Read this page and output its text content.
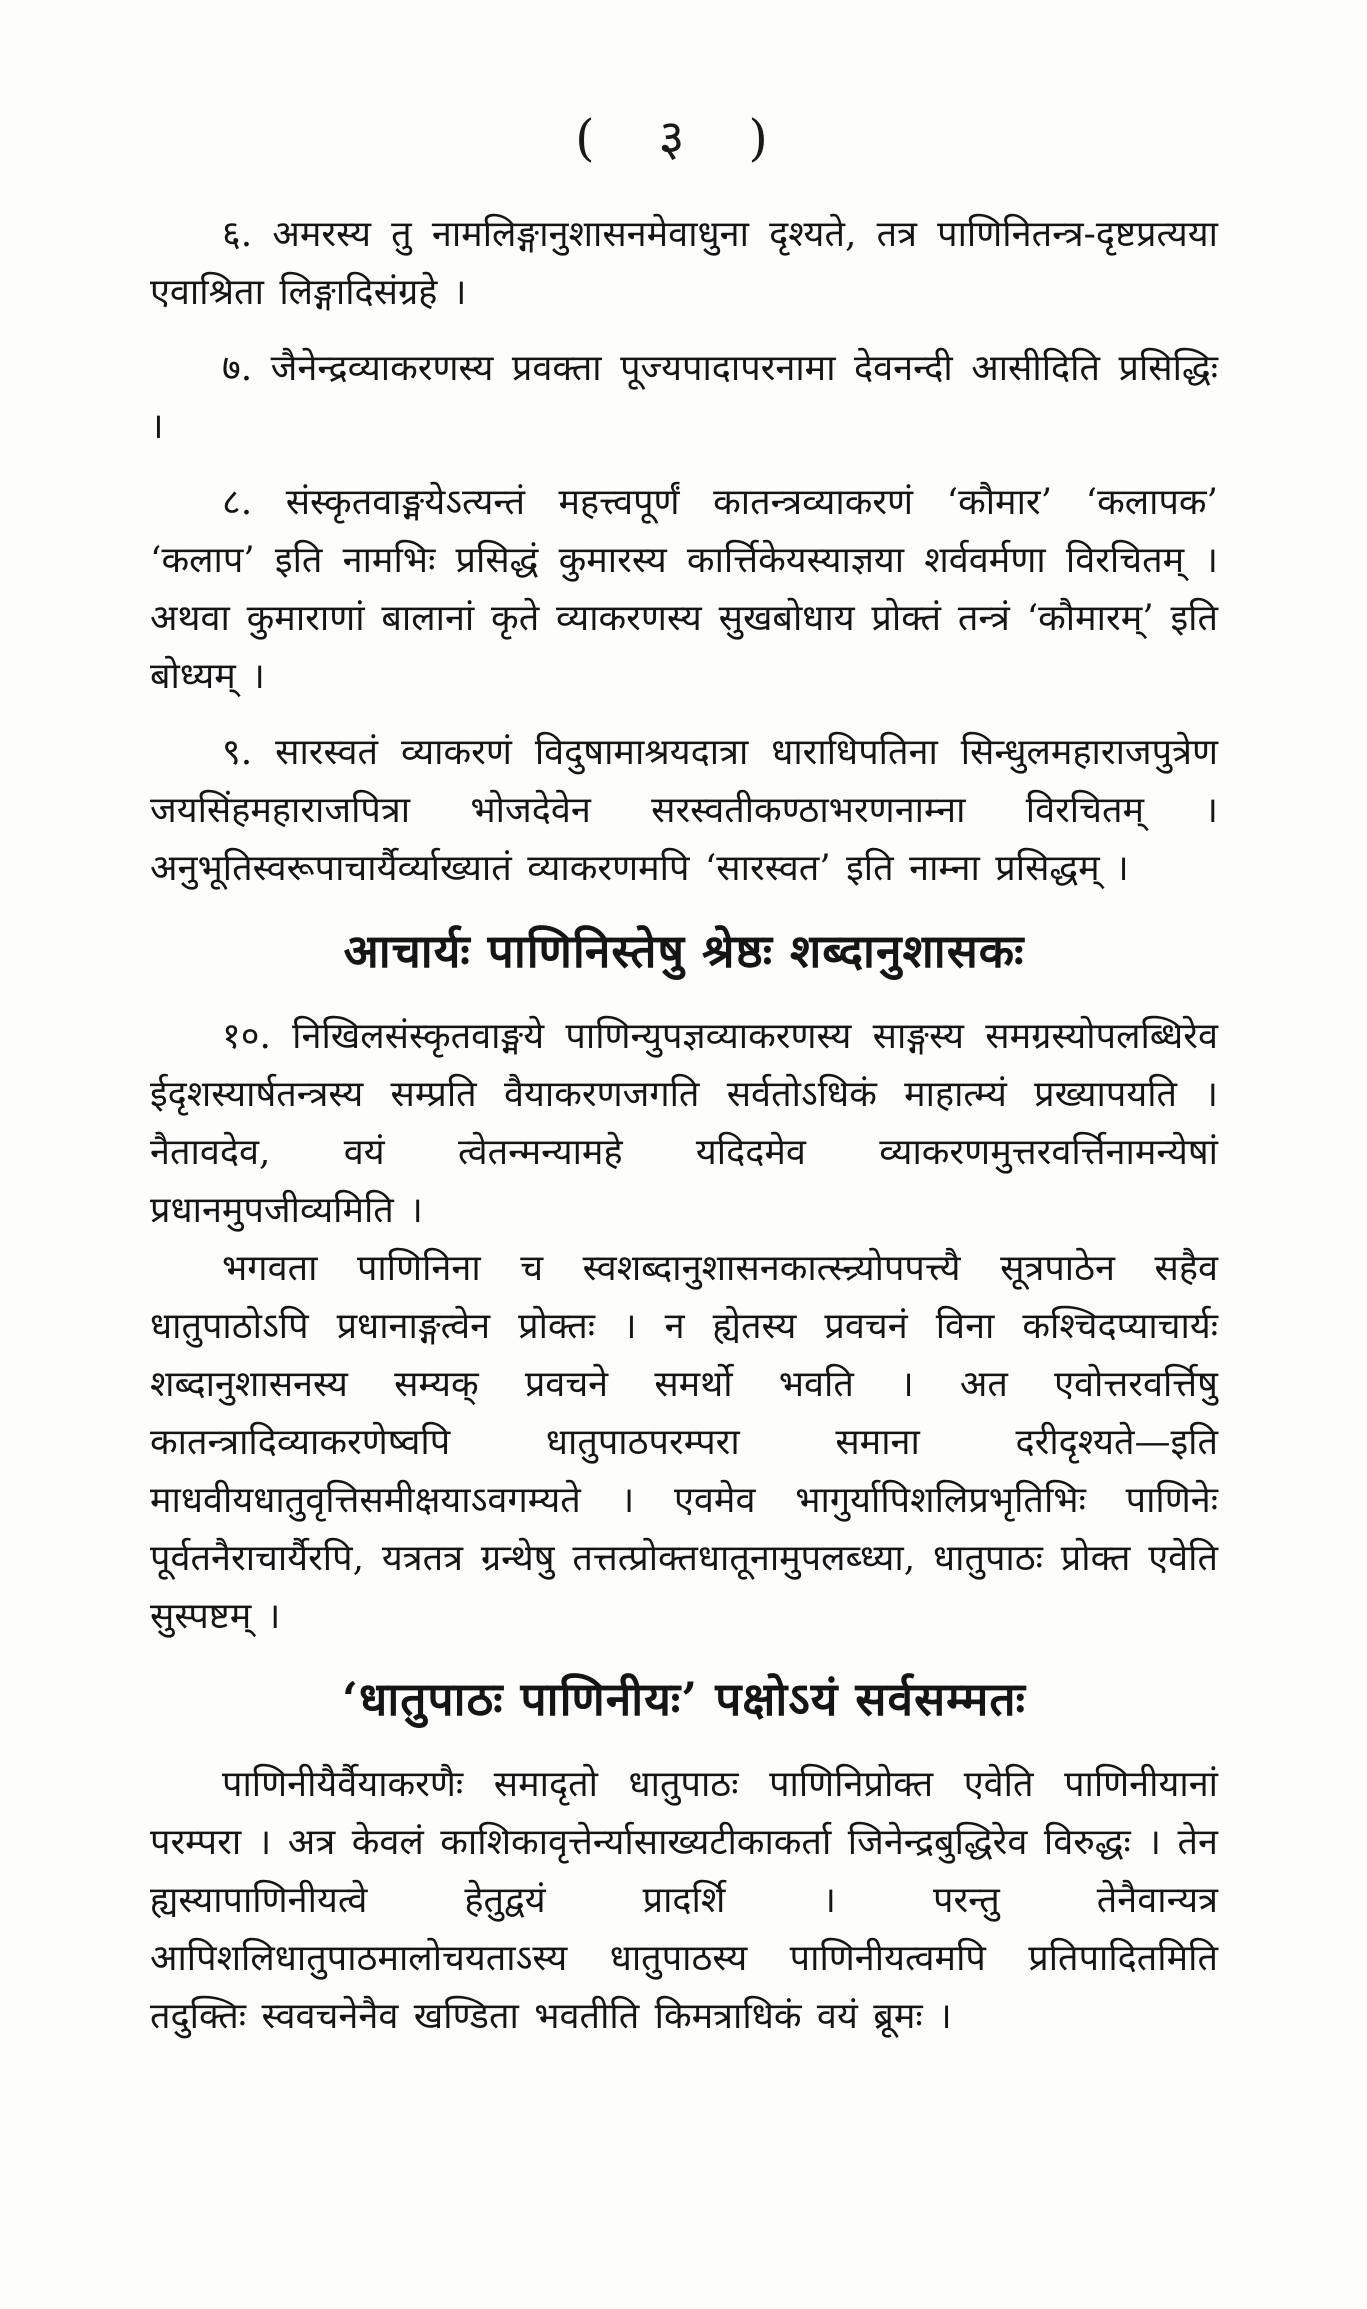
( ३ )

६. अमरस्य तु नामलिङ्गानुशासनमेवाधुना दृश्यते, तत्र पाणिनितन्त्र-दृष्टप्रत्यया एवाश्रिता लिङ्गादिसंग्रहे ।

७. जैनेन्द्रव्याकरणस्य प्रवक्ता पूज्यपादापरनामा देवनन्दी आसीदिति प्रसिद्धिः ।

८. संस्कृतवाङ्मयेऽत्यन्तं महत्त्वपूर्णं कातन्त्रव्याकरणं ‘कौमार’ ‘कलापक’ ‘कलाप’ इति नामभिः प्रसिद्धं कुमारस्य कार्त्तिकेयस्याज्ञया शर्ववर्मणा विरचितम् । अथवा कुमाराणां बालानां कृते व्याकरणस्य सुखबोधाय प्रोक्तं तन्त्रं ‘कौमारम्’ इति बोध्यम् ।

९. सारस्वतं व्याकरणं विदुषामाश्रयदात्रा धाराधिपतिना सिन्धुलमहाराजपुत्रेण जयसिंहमहाराजपित्रा भोजदेवेन सरस्वतीकण्ठाभरणनाम्ना विरचितम् । अनुभूतिस्वरूपाचार्यैर्व्याख्यातं व्याकरणमपि ‘सारस्वत’ इति नाम्ना प्रसिद्धम् ।

आचार्यः पाणिनिस्तेषु श्रेष्ठः शब्दानुशासकः

१०. निखिलसंस्कृतवाङ्मये पाणिन्युपज्ञव्याकरणस्य साङ्गस्य समग्रस्योपलब्धिरेव ईदृशस्यार्षतन्त्रस्य सम्प्रति वैयाकरणजगति सर्वतोऽधिकं माहात्म्यं प्रख्यापयति । नैतावदेव, वयं त्वेतन्मन्यामहे यदिदमेव व्याकरणमुत्तरवर्त्तिनामन्येषां प्रधानमुपजीव्यमिति ।

भगवता पाणिनिना च स्वशब्दानुशासनकात्स्न्र्योपपत्त्यै सूत्रपाठेन सहैव धातुपाठोऽपि प्रधानाङ्गत्वेन प्रोक्तः । न ह्येतस्य प्रवचनं विना कश्चिदप्याचार्यः शब्दानुशासनस्य सम्यक् प्रवचने समर्थो भवति । अत एवोत्तरवर्त्तिषु कातन्त्रादिव्याकरणेष्वपि धातुपाठपरम्परा समाना दरीदृश्यते—इति माधवीयधातुवृत्तिसमीक्षयाऽवगम्यते । एवमेव भागुर्यापिशलिप्रभृतिभिः पाणिनेः पूर्वतनैराचार्यैरपि, यत्रतत्र ग्रन्थेषु तत्तत्प्रोक्तधातूनामुपलब्ध्या, धातुपाठः प्रोक्त एवेति सुस्पष्टम् ।

‘धातुपाठः पाणिनीयः’ पक्षोऽयं सर्वसम्मतः

पाणिनीयैर्वैयाकरणैः समादृतो धातुपाठः पाणिनिप्रोक्त एवेति पाणिनीयानां परम्परा । अत्र केवलं काशिकावृत्तेर्न्यासाख्यटीकाकर्ता जिनेन्द्रबुद्धिरेव विरुद्धः । तेन ह्यस्यापाणिनीयत्वे हेतुद्वयं प्रादर्शि । परन्तु तेनैवान्यत्र आपिशलिधातुपाठमालोचयताऽस्य धातुपाठस्य पाणिनीयत्वमपि प्रतिपादितमिति तदुक्तिः स्ववचनेनैव खण्डिता भवतीति किमत्राधिकं वयं ब्रूमः ।
